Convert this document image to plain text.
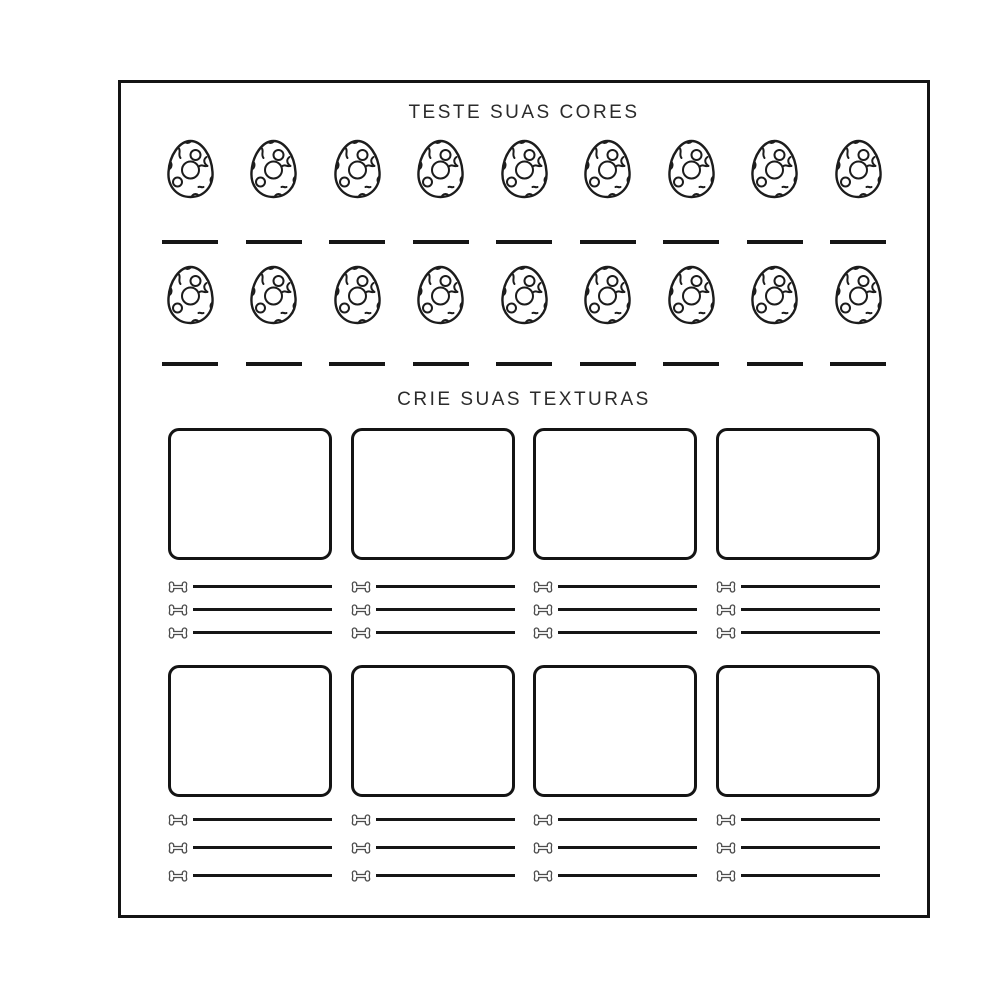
TESTE SUAS CORES
CRIE SUAS TEXTURAS
